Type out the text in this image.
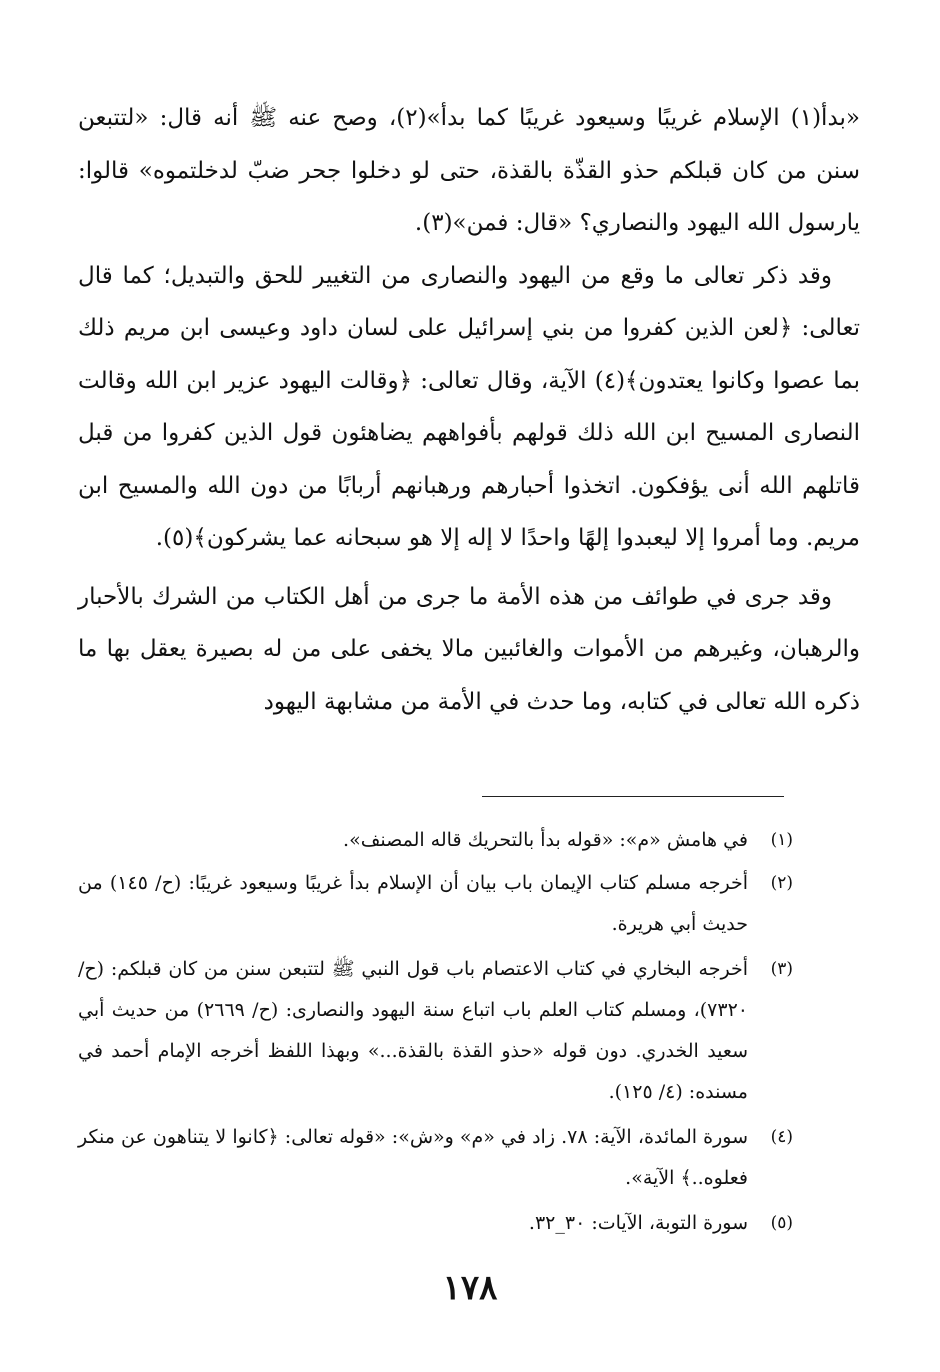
«بدأ(١) الإسلام غريبًا وسيعود غريبًا كما بدأ»(٢)، وصح عنه ﷺ أنه قال: «لتتبعن سنن من كان قبلكم حذو القذّة بالقذة، حتى لو دخلوا جحر ضبّ لدخلتموه» قالوا: يارسول الله اليهود والنصاري؟ «قال: فمن»(٣).

وقد ذكر تعالى ما وقع من اليهود والنصارى من التغيير للحق والتبديل؛ كما قال تعالى: ﴿لعن الذين كفروا من بني إسرائيل على لسان داود وعيسى ابن مريم ذلك بما عصوا وكانوا يعتدون﴾(٤) الآية، وقال تعالى: ﴿وقالت اليهود عزير ابن الله وقالت النصارى المسيح ابن الله ذلك قولهم بأفواههم يضاهئون قول الذين كفروا من قبل قاتلهم الله أنى يؤفكون. اتخذوا أحبارهم ورهبانهم أربابًا من دون الله والمسيح ابن مريم. وما أمروا إلا ليعبدوا إلهًا واحدًا لا إله إلا هو سبحانه عما يشركون﴾(٥).

وقد جرى في طوائف من هذه الأمة ما جرى من أهل الكتاب من الشرك بالأحبار والرهبان، وغيرهم من الأموات والغائبين مالا يخفى على من له بصيرة يعقل بها ما ذكره الله تعالى في كتابه، وما حدث في الأمة من مشابهة اليهود

(١)
في هامش «م»: «قوله بدأ بالتحريك قاله المصنف».
(٢)
أخرجه مسلم كتاب الإيمان باب بيان أن الإسلام بدأ غريبًا وسيعود غريبًا: (ح/ ١٤٥) من حديث أبي هريرة.
(٣)
أخرجه البخاري في كتاب الاعتصام باب قول النبي ﷺ لتتبعن سنن من كان قبلكم: (ح/ ٧٣٢٠)، ومسلم كتاب العلم باب اتباع سنة اليهود والنصارى: (ح/ ٢٦٦٩) من حديث أبي سعيد الخدري. دون قوله «حذو القذة بالقذة...» وبهذا اللفظ أخرجه الإمام أحمد في مسنده: (٤/ ١٢٥).
(٤)
سورة المائدة، الآية: ٧٨. زاد في «م» و«ش»: «قوله تعالى: ﴿كانوا لا يتناهون عن منكر فعلوه..﴾ الآية».
(٥)
سورة التوبة، الآيات: ٣٠_٣٢.
١٧٨
